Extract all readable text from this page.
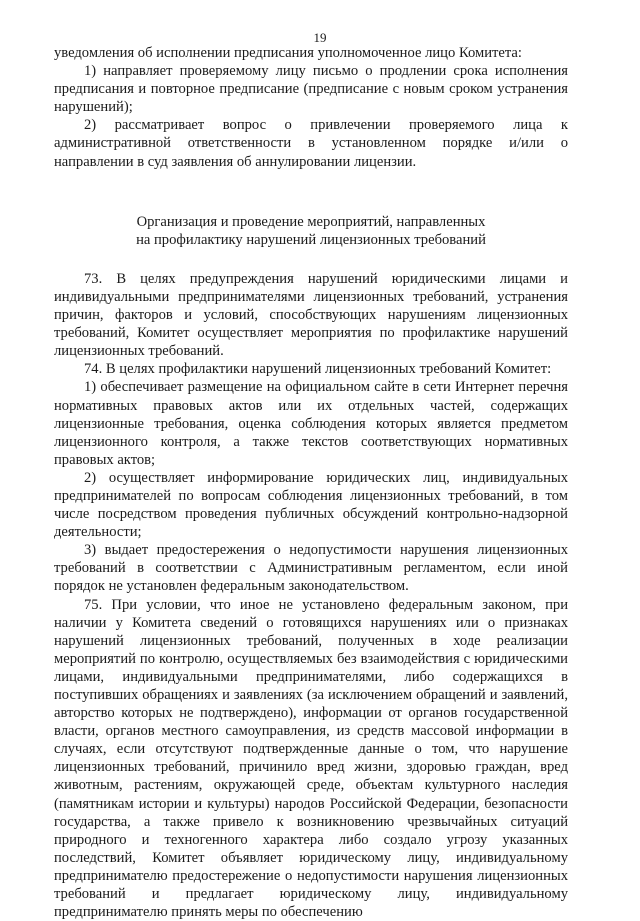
19

уведомления об исполнении предписания уполномоченное лицо Комитета:

1) направляет проверяемому лицу письмо о продлении срока исполнения предписания и повторное предписание (предписание с новым сроком устранения нарушений);

2) рассматривает вопрос о привлечении проверяемого лица к административной ответственности в установленном порядке и/или о направлении в суд заявления об аннулировании лицензии.

Организация и проведение мероприятий, направленных
на профилактику нарушений лицензионных требований

73. В целях предупреждения нарушений юридическими лицами и индивидуальными предпринимателями лицензионных требований, устранения причин, факторов и условий, способствующих нарушениям лицензионных требований, Комитет осуществляет мероприятия по профилактике нарушений лицензионных требований.

74. В целях профилактики нарушений лицензионных требований Комитет:

1) обеспечивает размещение на официальном сайте в сети Интернет перечня нормативных правовых актов или их отдельных частей, содержащих лицензионные требования, оценка соблюдения которых является предметом лицензионного контроля, а также текстов соответствующих нормативных правовых актов;

2) осуществляет информирование юридических лиц, индивидуальных предпринимателей по вопросам соблюдения лицензионных требований, в том числе посредством проведения публичных обсуждений контрольно-надзорной деятельности;

3) выдает предостережения о недопустимости нарушения лицензионных требований в соответствии с Административным регламентом, если иной порядок не установлен федеральным законодательством.

75. При условии, что иное не установлено федеральным законом, при наличии у Комитета сведений о готовящихся нарушениях или о признаках нарушений лицензионных требований, полученных в ходе реализации мероприятий по контролю, осуществляемых без взаимодействия с юридическими лицами, индивидуальными предпринимателями, либо содержащихся в поступивших обращениях и заявлениях (за исключением обращений и заявлений, авторство которых не подтверждено), информации от органов государственной власти, органов местного самоуправления, из средств массовой информации в случаях, если отсутствуют подтвержденные данные о том, что нарушение лицензионных требований, причинило вред жизни, здоровью граждан, вред животным, растениям, окружающей среде, объектам культурного наследия (памятникам истории и культуры) народов Российской Федерации, безопасности государства, а также привело к возникновению чрезвычайных ситуаций природного и техногенного характера либо создало угрозу указанных последствий, Комитет объявляет юридическому лицу, индивидуальному предпринимателю предостережение о недопустимости нарушения лицензионных требований и предлагает юридическому лицу, индивидуальному предпринимателю принять меры по обеспечению
